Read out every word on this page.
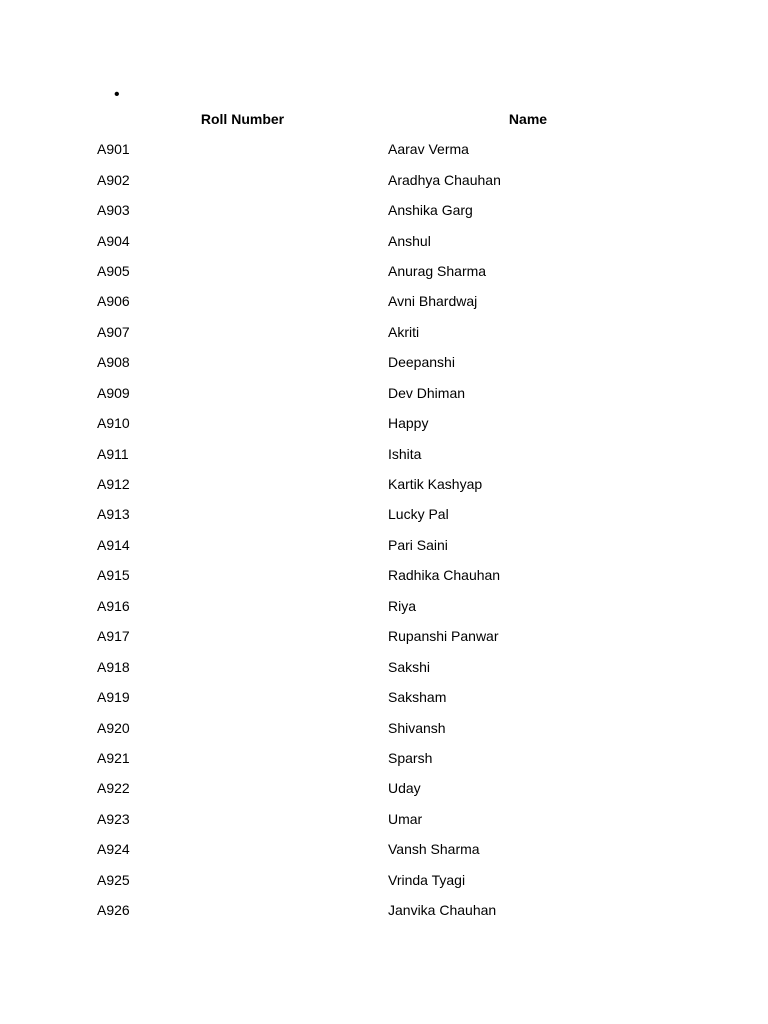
•
Roll Number	Name
A901	Aarav Verma
A902	Aradhya Chauhan
A903	Anshika Garg
A904	Anshul
A905	Anurag Sharma
A906	Avni Bhardwaj
A907	Akriti
A908	Deepanshi
A909	Dev Dhiman
A910	Happy
A911	Ishita
A912	Kartik Kashyap
A913	Lucky Pal
A914	Pari Saini
A915	Radhika Chauhan
A916	Riya
A917	Rupanshi Panwar
A918	Sakshi
A919	Saksham
A920	Shivansh
A921	Sparsh
A922	Uday
A923	Umar
A924	Vansh Sharma
A925	Vrinda Tyagi
A926	Janvika Chauhan
